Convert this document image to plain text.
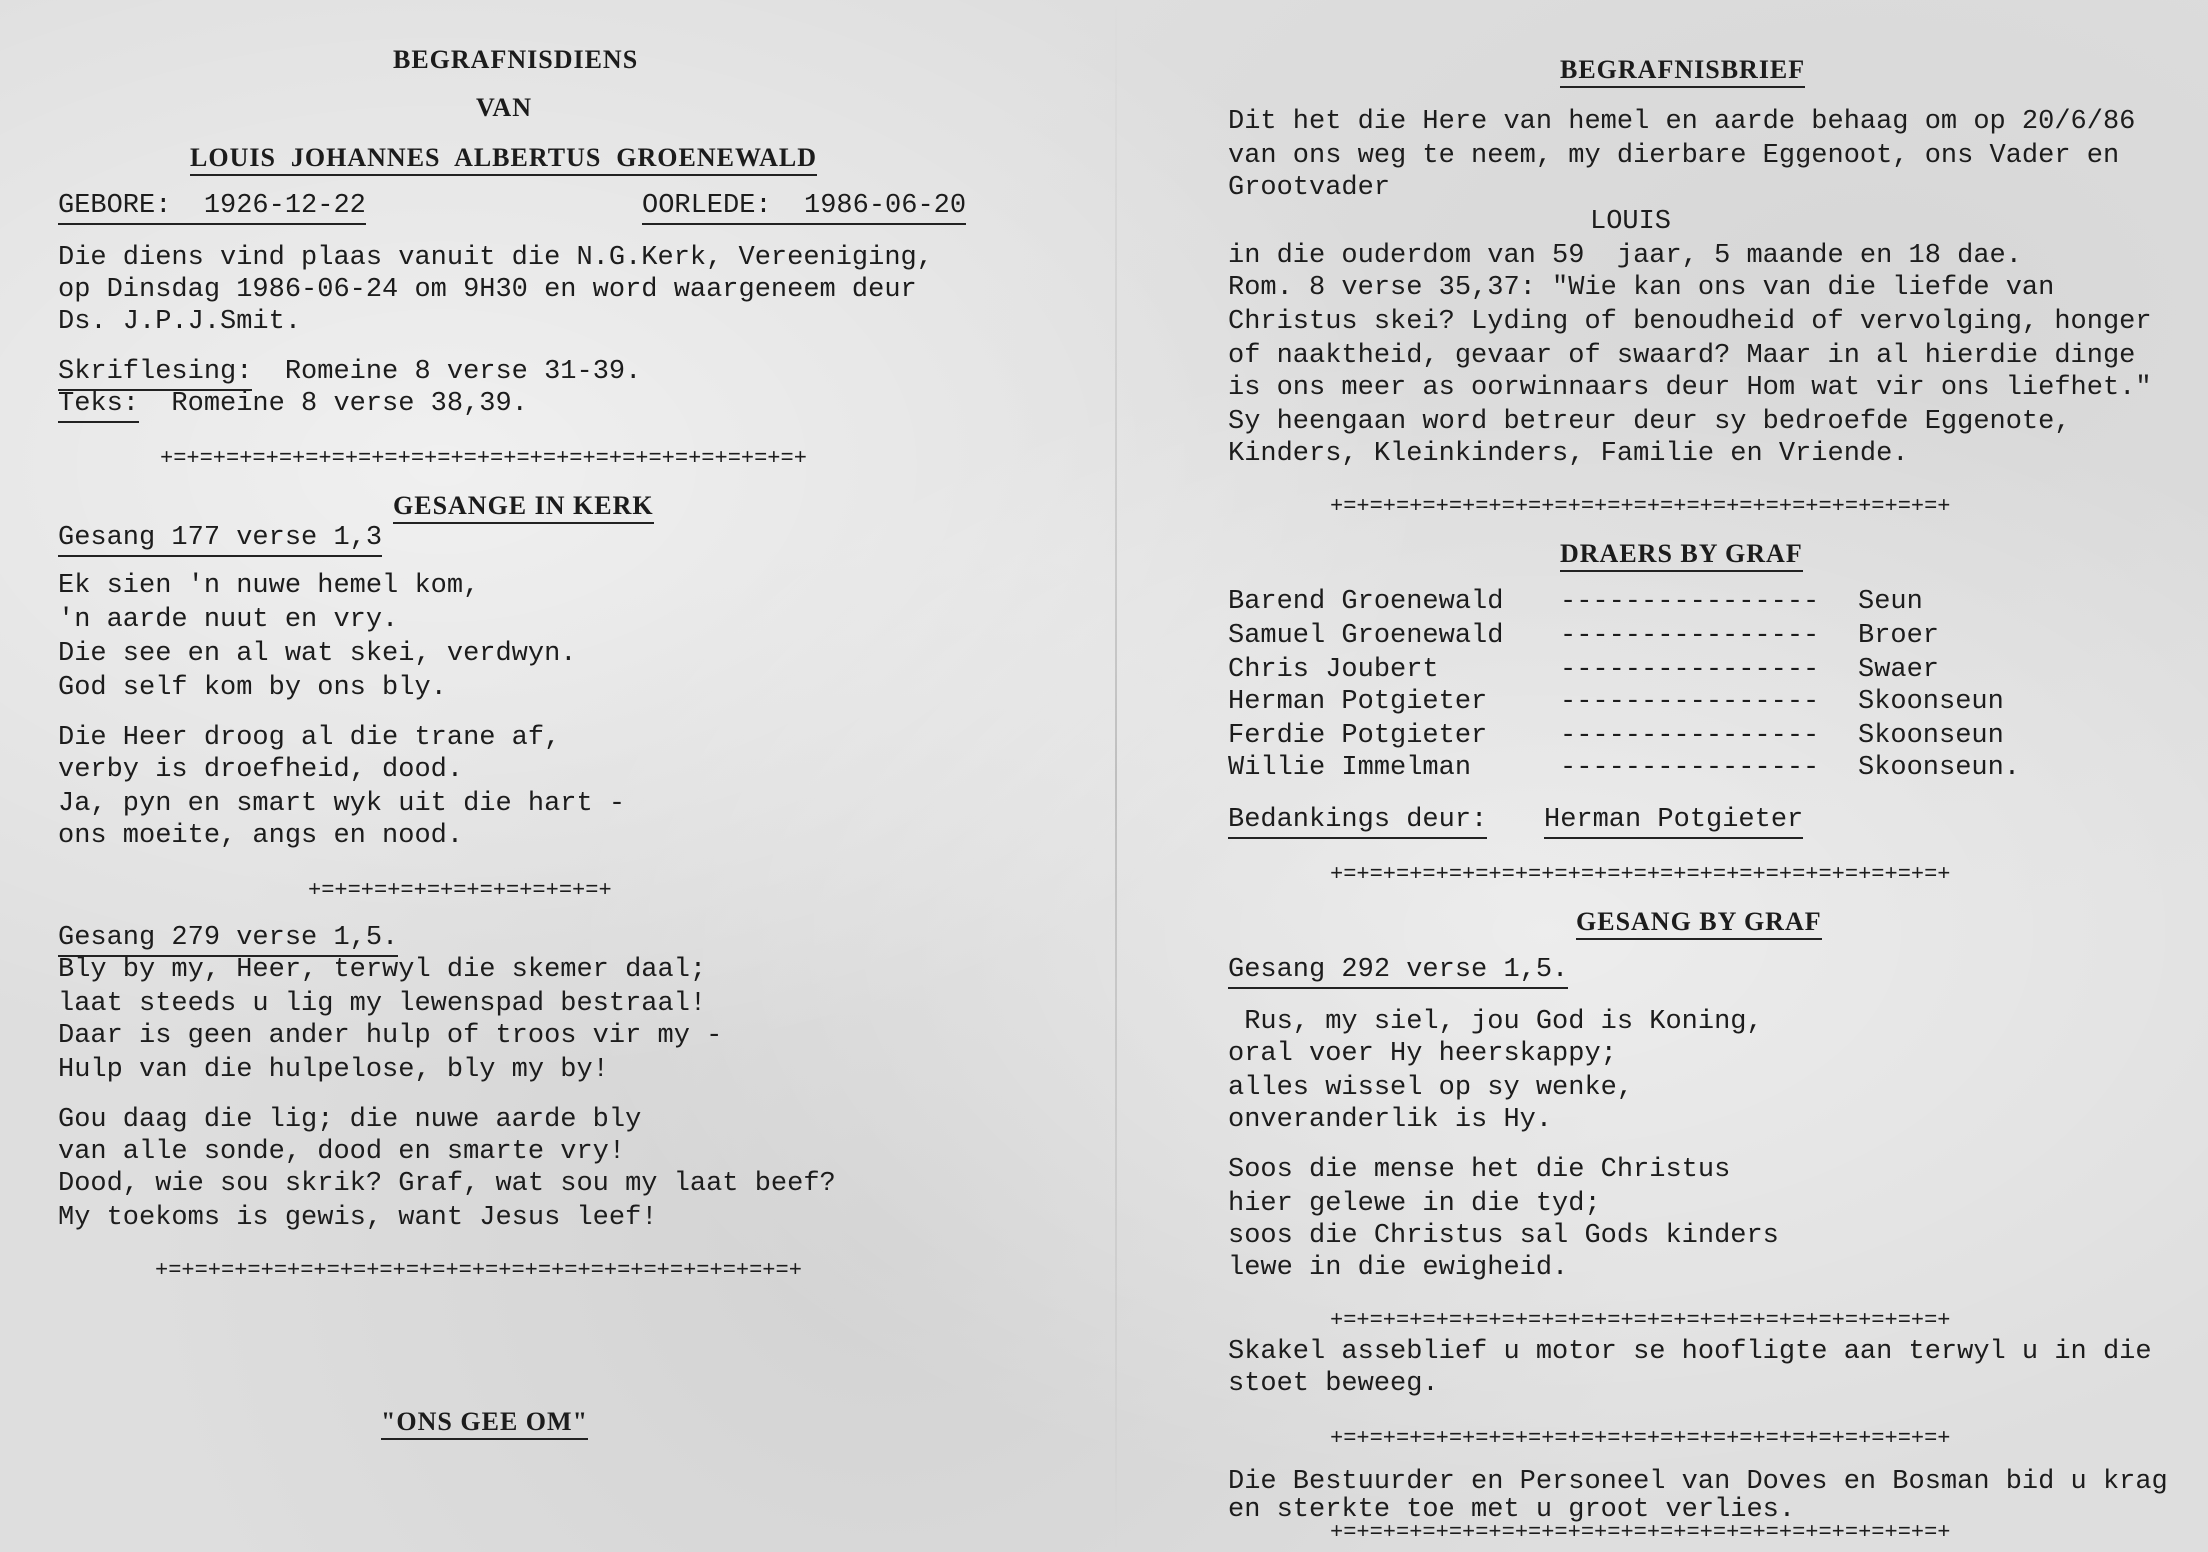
BEGRAFNISDIENS
VAN
LOUIS  JOHANNES  ALBERTUS  GROENEWALD
GEBORE:  1926-12-22	OORLEDE:  1986-06-20
Die diens vind plaas vanuit die N.G.Kerk, Vereeniging,
op Dinsdag 1986-06-24 om 9H30 en word waargeneem deur
Ds. J.P.J.Smit.
Skriflesing:  Romeine 8 verse 31-39.
Teks:  Romeine 8 verse 38,39.
+=+=+=+=+=+=+=+=+=+=+=+=+=+=+=+=+=+=+=+=+=+=+=+=+
GESANGE IN KERK
Gesang 177 verse 1,3
Ek sien 'n nuwe hemel kom,
'n aarde nuut en vry.
Die see en al wat skei, verdwyn.
God self kom by ons bly.
Die Heer droog al die trane af,
verby is droefheid, dood.
Ja, pyn en smart wyk uit die hart -
ons moeite, angs en nood.
+=+=+=+=+=+=+=+=+=+=+=+
Gesang 279 verse 1,5.
Bly by my, Heer, terwyl die skemer daal;
laat steeds u lig my lewenspad bestraal!
Daar is geen ander hulp of troos vir my -
Hulp van die hulpelose, bly my by!
Gou daag die lig; die nuwe aarde bly
van alle sonde, dood en smarte vry!
Dood, wie sou skrik? Graf, wat sou my laat beef?
My toekoms is gewis, want Jesus leef!
+=+=+=+=+=+=+=+=+=+=+=+=+=+=+=+=+=+=+=+=+=+=+=+=+
"ONS GEE OM"
BEGRAFNISBRIEF
Dit het die Here van hemel en aarde behaag om op 20/6/86
van ons weg te neem, my dierbare Eggenoot, ons Vader en
Grootvader
LOUIS
in die ouderdom van 59  jaar, 5 maande en 18 dae.
Rom. 8 verse 35,37: "Wie kan ons van die liefde van
Christus skei? Lyding of benoudheid of vervolging, honger
of naaktheid, gevaar of swaard? Maar in al hierdie dinge
is ons meer as oorwinnaars deur Hom wat vir ons liefhet."
Sy heengaan word betreur deur sy bedroefde Eggenote,
Kinders, Kleinkinders, Familie en Vriende.
+=+=+=+=+=+=+=+=+=+=+=+=+=+=+=+=+=+=+=+=+=+=+=+
DRAERS BY GRAF
Barend Groenewald ---------------- Seun
Samuel Groenewald ---------------- Broer
Chris Joubert	---------------- Swaer
Herman Potgieter	---------------- Skoonseun
Ferdie Potgieter	---------------- Skoonseun
Willie Immelman	---------------- Skoonseun.
Bedankings deur: Herman Potgieter
+=+=+=+=+=+=+=+=+=+=+=+=+=+=+=+=+=+=+=+=+=+=+=+
GESANG BY GRAF
Gesang 292 verse 1,5.
Rus, my siel, jou God is Koning,
oral voer Hy heerskappy;
alles wissel op sy wenke,
onveranderlik is Hy.
Soos die mense het die Christus
hier gelewe in die tyd;
soos die Christus sal Gods kinders
lewe in die ewigheid.
+=+=+=+=+=+=+=+=+=+=+=+=+=+=+=+=+=+=+=+=+=+=+=+
Skakel asseblief u motor se hoofligte aan terwyl u in die
stoet beweeg.
+=+=+=+=+=+=+=+=+=+=+=+=+=+=+=+=+=+=+=+=+=+=+=+
Die Bestuurder en Personeel van Doves en Bosman bid u krag
en sterkte toe met u groot verlies.
+=+=+=+=+=+=+=+=+=+=+=+=+=+=+=+=+=+=+=+=+=+=+=+
